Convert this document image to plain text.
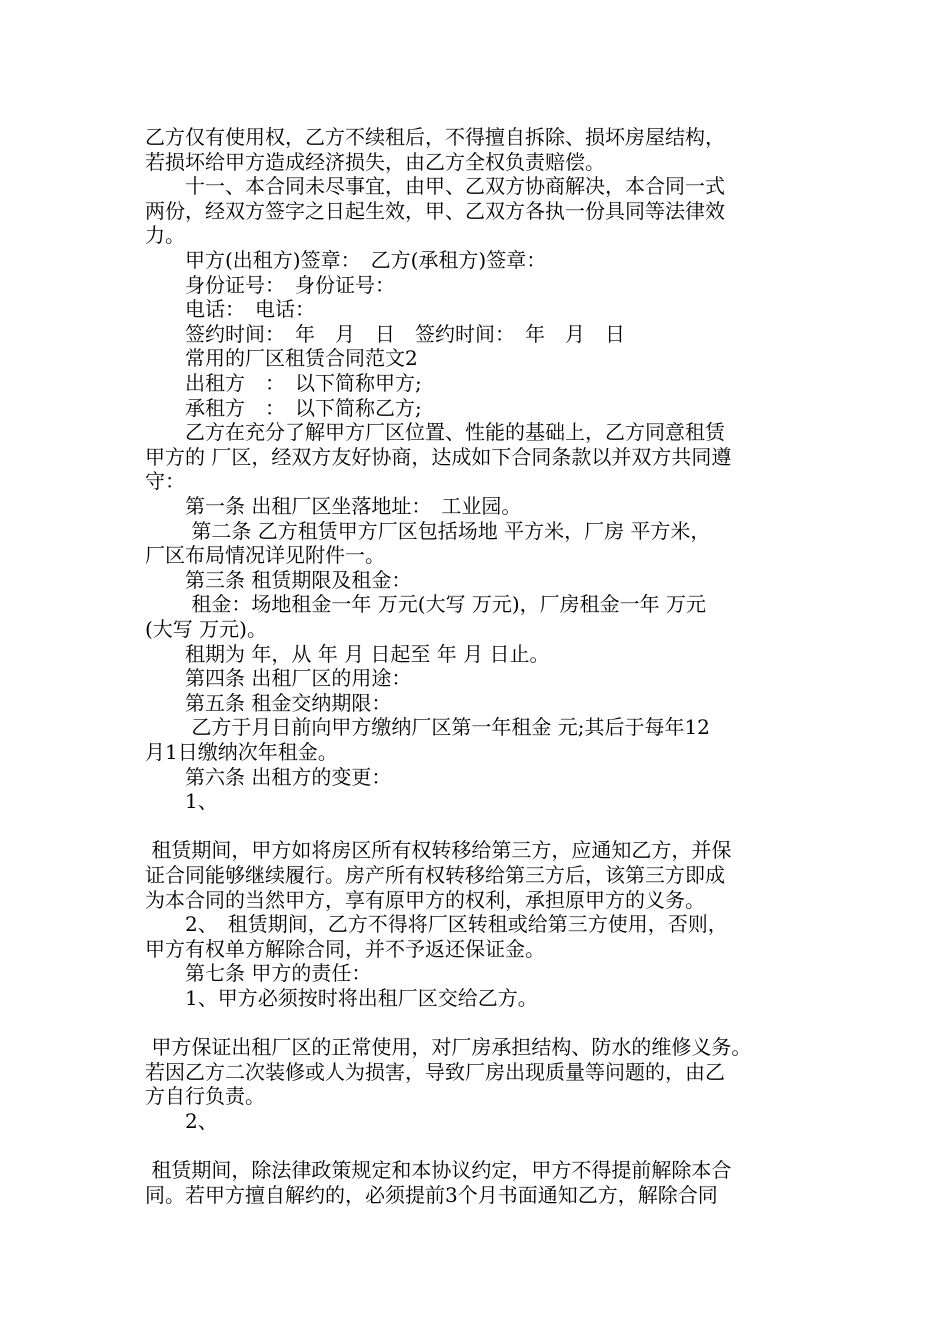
乙方仅有使用权，乙方不续租后，不得擅自拆除、损坏房屋结构，
若损坏给甲方造成经济损失，由乙方全权负责赔偿。
　　十一、本合同未尽事宜，由甲、乙双方协商解决，本合同一式
两份，经双方签字之日起生效，甲、乙双方各执一份具同等法律效
力。
　　甲方(出租方)签章：　乙方(承租方)签章：
　　身份证号：　身份证号：
　　电话：　电话：
　　签约时间：　年　月　日　签约时间：　年　月　日
　　常用的厂区租赁合同范文2
　　出租方　：　以下简称甲方;
　　承租方　：　以下简称乙方;
　　乙方在充分了解甲方厂区位置、性能的基础上，乙方同意租赁
甲方的 厂区，经双方友好协商，达成如下合同条款以并双方共同遵
守：
　　第一条 出租厂区坐落地址：　工业园。
　　 第二条 乙方租赁甲方厂区包括场地 平方米，厂房 平方米，
厂区布局情况详见附件一。
　　第三条 租赁期限及租金：
　　 租金：场地租金一年 万元(大写 万元)，厂房租金一年 万元
(大写 万元)。
　　租期为 年，从 年 月 日起至 年 月 日止。
　　第四条 出租厂区的用途：
　　第五条 租金交纳期限：
　　 乙方于月日前向甲方缴纳厂区第一年租金 元;其后于每年12
月1日缴纳次年租金。
　　第六条 出租方的变更：
　　1、
租赁期间，甲方如将房区所有权转移给第三方，应通知乙方，并保
证合同能够继续履行。房产所有权转移给第三方后，该第三方即成
为本合同的当然甲方，享有原甲方的权利，承担原甲方的义务。
　　2、　租赁期间，乙方不得将厂区转租或给第三方使用，否则，
甲方有权单方解除合同，并不予返还保证金。
　　第七条 甲方的责任：
　　1、甲方必须按时将出租厂区交给乙方。
甲方保证出租厂区的正常使用，对厂房承担结构、防水的维修义务。
若因乙方二次装修或人为损害，导致厂房出现质量等问题的，由乙
方自行负责。
　　2、
租赁期间，除法律政策规定和本协议约定，甲方不得提前解除本合
同。若甲方擅自解约的，必须提前3个月书面通知乙方，解除合同
